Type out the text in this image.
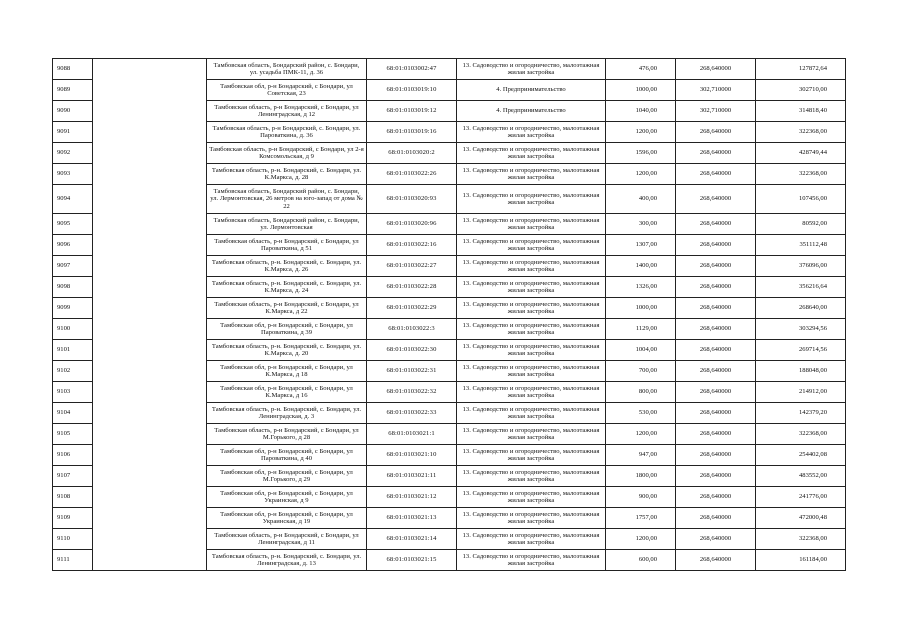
9088		Тамбовская область, Бондарский район, с. Бондари, ул. усадьба ПМК-11, д. 36	68:01:0103002:47	13. Садоводство и огородничество, малоэтажная жилая застройка	476,00	268,640000	127872,64
9089		Тамбовская обл, р-н Бондарский, с Бондари, ул Советская, 23	68:01:0103019:10	4. Предпринимательство	1000,00	302,710000	302710,00
9090		Тамбовская область, р-н Бондарский, с Бондари, ул Ленинградская, д 12	68:01:0103019:12	4. Предпринимательство	1040,00	302,710000	314818,40
9091		Тамбовская область, р-н Бондарский, с. Бондари, ул. Пароваткина, д. 36	68:01:0103019:16	13. Садоводство и огородничество, малоэтажная жилая застройка	1200,00	268,640000	322368,00
9092		Тамбовская область, р-н Бондарский, с Бондари, ул 2-я Комсомольская, д 9	68:01:0103020:2	13. Садоводство и огородничество, малоэтажная жилая застройка	1596,00	268,640000	428749,44
9093		Тамбовская область, р-н. Бондарский, с. Бондари, ул. К.Маркса, д. 28	68:01:0103022:26	13. Садоводство и огородничество, малоэтажная жилая застройка	1200,00	268,640000	322368,00
9094		Тамбовская область, Бондарский район, с. Бондари, ул. Лермонтовская, 26 метров на юго-запад от дома № 22	68:01:0103020:93	13. Садоводство и огородничество, малоэтажная жилая застройка	400,00	268,640000	107456,00
9095		Тамбовская область, Бондарский район, с. Бондари, ул. Лермонтовская	68:01:0103020:96	13. Садоводство и огородничество, малоэтажная жилая застройка	300,00	268,640000	80592,00
9096		Тамбовская область, р-н Бондарский, с Бондари, ул Пароваткина, д 51	68:01:0103022:16	13. Садоводство и огородничество, малоэтажная жилая застройка	1307,00	268,640000	351112,48
9097		Тамбовская область, р-н. Бондарский, с. Бондари, ул. К.Маркса, д. 26	68:01:0103022:27	13. Садоводство и огородничество, малоэтажная жилая застройка	1400,00	268,640000	376096,00
9098		Тамбовская область, р-н. Бондарский, с. Бондари, ул. К.Маркса, д. 24	68:01:0103022:28	13. Садоводство и огородничество, малоэтажная жилая застройка	1326,00	268,640000	356216,64
9099		Тамбовская область, р-н Бондарский, с Бондари, ул К.Маркса, д 22	68:01:0103022:29	13. Садоводство и огородничество, малоэтажная жилая застройка	1000,00	268,640000	268640,00
9100		Тамбовская обл, р-н Бондарский, с Бондари, ул Пароваткина, д 39	68:01:0103022:3	13. Садоводство и огородничество, малоэтажная жилая застройка	1129,00	268,640000	303294,56
9101		Тамбовская область, р-н. Бондарский, с. Бондари, ул. К.Маркса, д. 20	68:01:0103022:30	13. Садоводство и огородничество, малоэтажная жилая застройка	1004,00	268,640000	269714,56
9102		Тамбовская обл, р-н Бондарский, с Бондари, ул К.Маркса, д 18	68:01:0103022:31	13. Садоводство и огородничество, малоэтажная жилая застройка	700,00	268,640000	188048,00
9103		Тамбовская обл, р-н Бондарский, с Бондари, ул К.Маркса, д 16	68:01:0103022:32	13. Садоводство и огородничество, малоэтажная жилая застройка	800,00	268,640000	214912,00
9104		Тамбовская область, р-н. Бондарский, с. Бондари, ул. Ленинградская, д. 3	68:01:0103022:33	13. Садоводство и огородничество, малоэтажная жилая застройка	530,00	268,640000	142379,20
9105		Тамбовская область, р-н Бондарский, с Бондари, ул М.Горького, д 28	68:01:0103021:1	13. Садоводство и огородничество, малоэтажная жилая застройка	1200,00	268,640000	322368,00
9106		Тамбовская обл, р-н Бондарский, с Бондари, ул Пароваткина, д 40	68:01:0103021:10	13. Садоводство и огородничество, малоэтажная жилая застройка	947,00	268,640000	254402,08
9107		Тамбовская обл, р-н Бондарский, с Бондари, ул М.Горького, д 29	68:01:0103021:11	13. Садоводство и огородничество, малоэтажная жилая застройка	1800,00	268,640000	483552,00
9108		Тамбовская обл, р-н Бондарский, с Бондари, ул Украинская, д 9	68:01:0103021:12	13. Садоводство и огородничество, малоэтажная жилая застройка	900,00	268,640000	241776,00
9109		Тамбовская обл, р-н Бондарский, с Бондари, ул Украинская, д 19	68:01:0103021:13	13. Садоводство и огородничество, малоэтажная жилая застройка	1757,00	268,640000	472000,48
9110		Тамбовская область, р-н Бондарский, с Бондари, ул Ленинградская, д 11	68:01:0103021:14	13. Садоводство и огородничество, малоэтажная жилая застройка	1200,00	268,640000	322368,00
9111		Тамбовская область, р-н. Бондарский, с. Бондари, ул. Ленинградская, д. 13	68:01:0103021:15	13. Садоводство и огородничество, малоэтажная жилая застройка	600,00	268,640000	161184,00
